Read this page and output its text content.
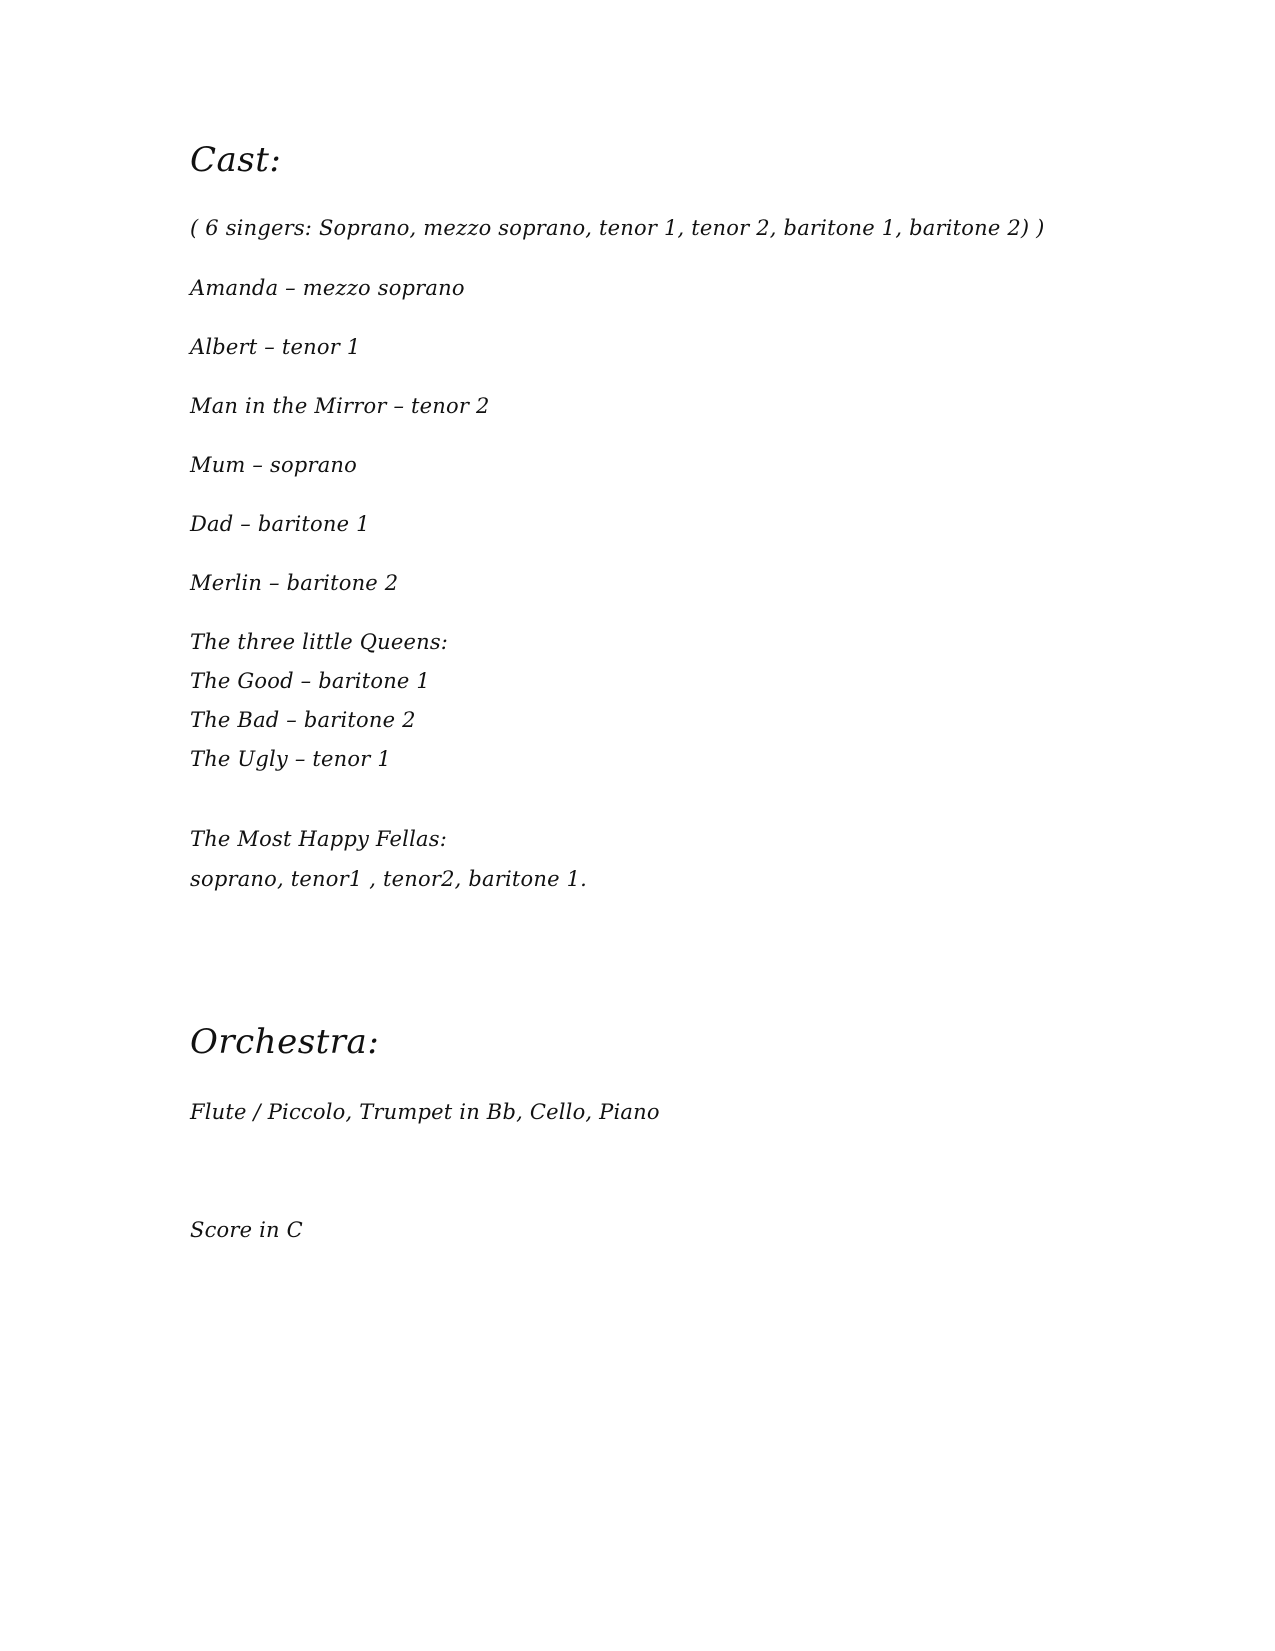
Cast:

( 6 singers: Soprano, mezzo soprano, tenor 1, tenor 2, baritone 1, baritone 2) )

Amanda – mezzo soprano

Albert – tenor 1

Man in the Mirror – tenor 2

Mum – soprano

Dad – baritone 1

Merlin – baritone 2

The three little Queens:

The Good – baritone 1

The Bad – baritone 2

The Ugly – tenor 1

The Most Happy Fellas:

soprano, tenor1 , tenor2, baritone 1.

Orchestra:

Flute / Piccolo, Trumpet in Bb, Cello, Piano

Score in C
